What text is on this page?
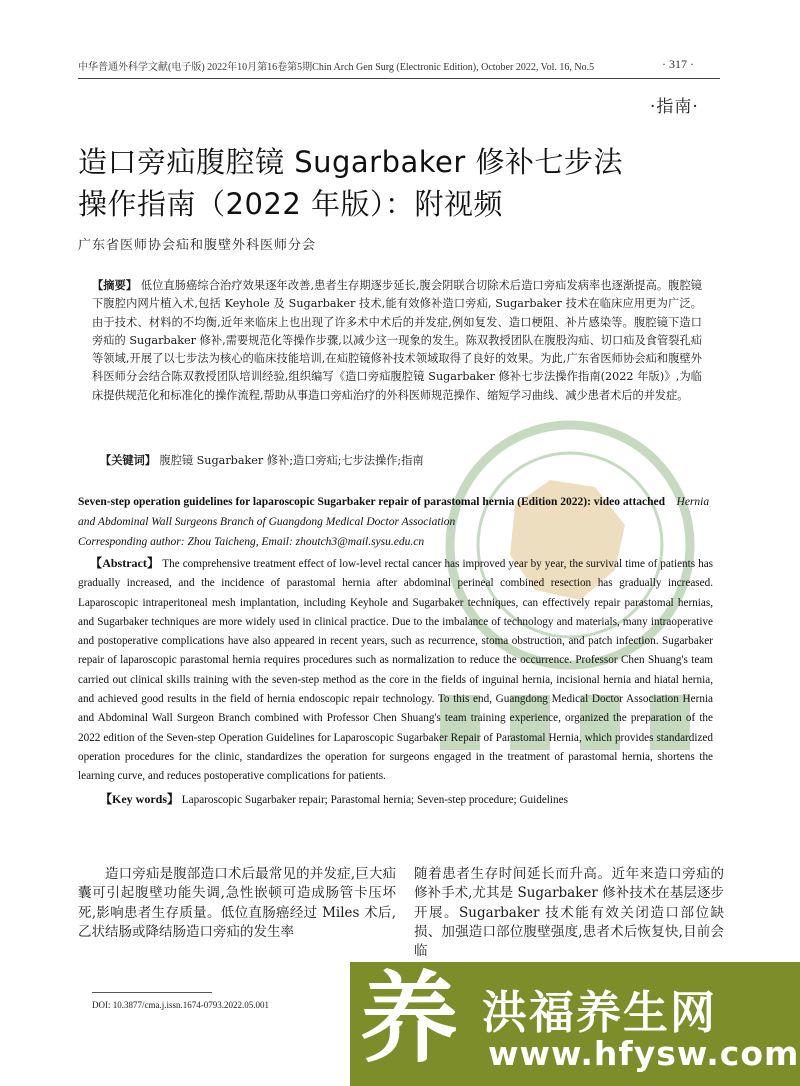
中华普通外科学文献(电子版) 2022年10月第16卷第5期Chin Arch Gen Surg (Electronic Edition), October 2022, Vol. 16, No.5	· 317 ·
·指南·
造口旁疝腹腔镜 Sugarbaker 修补七步法
操作指南（2022 年版）：附视频
广东省医师协会疝和腹壁外科医师分会
【摘要】 低位直肠癌综合治疗效果逐年改善,患者生存期逐步延长,腹会阴联合切除术后造口旁疝发病率也逐渐提高。腹腔镜下腹腔内网片植入术,包括 Keyhole 及 Sugarbaker 技术,能有效修补造口旁疝, Sugarbaker 技术在临床应用更为广泛。由于技术、材料的不均衡,近年来临床上也出现了许多术中术后的并发症,例如复发、造口梗阻、补片感染等。腹腔镜下造口旁疝的 Sugarbaker 修补,需要规范化等操作步骤,以减少这一现象的发生。陈双教授团队在腹股沟疝、切口疝及食管裂孔疝等领域,开展了以七步法为核心的临床技能培训,在疝腔镜修补技术领域取得了良好的效果。为此,广东省医师协会疝和腹壁外科医师分会结合陈双教授团队培训经验,组织编写《造口旁疝腹腔镜 Sugarbaker 修补七步法操作指南(2022 年版)》,为临床提供规范化和标准化的操作流程,帮助从事造口旁疝治疗的外科医师规范操作、缩短学习曲线、减少患者术后的并发症。
【关键词】 腹腔镜 Sugarbaker 修补;造口旁疝;七步法操作;指南
Seven-step operation guidelines for laparoscopic Sugarbaker repair of parastomal hernia (Edition 2022): video attached Hernia and Abdominal Wall Surgeons Branch of Guangdong Medical Doctor Association
Corresponding author: Zhou Taicheng, Email: zhoutch3@mail.sysu.edu.cn
【Abstract】 The comprehensive treatment effect of low-level rectal cancer has improved year by year, the survival time of patients has gradually increased, and the incidence of parastomal hernia after abdominal perineal combined resection has gradually increased. Laparoscopic intraperitoneal mesh implantation, including Keyhole and Sugarbaker techniques, can effectively repair parastomal hernias, and Sugarbaker techniques are more widely used in clinical practice. Due to the imbalance of technology and materials, many intraoperative and postoperative complications have also appeared in recent years, such as recurrence, stoma obstruction, and patch infection. Sugarbaker repair of laparoscopic parastomal hernia requires procedures such as normalization to reduce the occurrence. Professor Chen Shuang's team carried out clinical skills training with the seven-step method as the core in the fields of inguinal hernia, incisional hernia and hiatal hernia, and achieved good results in the field of hernia endoscopic repair technology. To this end, Guangdong Medical Doctor Association Hernia and Abdominal Wall Surgeon Branch combined with Professor Chen Shuang's team training experience, organized the preparation of the 2022 edition of the Seven-step Operation Guidelines for Laparoscopic Sugarbaker Repair of Parastomal Hernia, which provides standardized operation procedures for the clinic, standardizes the operation for surgeons engaged in the treatment of parastomal hernia, shortens the learning curve, and reduces postoperative complications for patients.
【Key words】 Laparoscopic Sugarbaker repair; Parastomal hernia; Seven-step procedure; Guidelines
造口旁疝是腹部造口术后最常见的并发症,巨大疝囊可引起腹壁功能失调,急性嵌顿可造成肠管卡压坏死,影响患者生存质量。低位直肠癌经过 Miles 术后,乙状结肠或降结肠造口旁疝的发生率
随着患者生存时间延长而升高。近年来造口旁疝的修补手术,尤其是 Sugarbaker 修补技术在基层逐步开展。Sugarbaker 技术能有效关闭造口部位缺损、加强造口部位腹壁强度,患者术后恢复快,目前会临
DOI: 10.3877/cma.j.issn.1674-0793.2022.05.001 养 洪福养生网
www.hfysw.com
